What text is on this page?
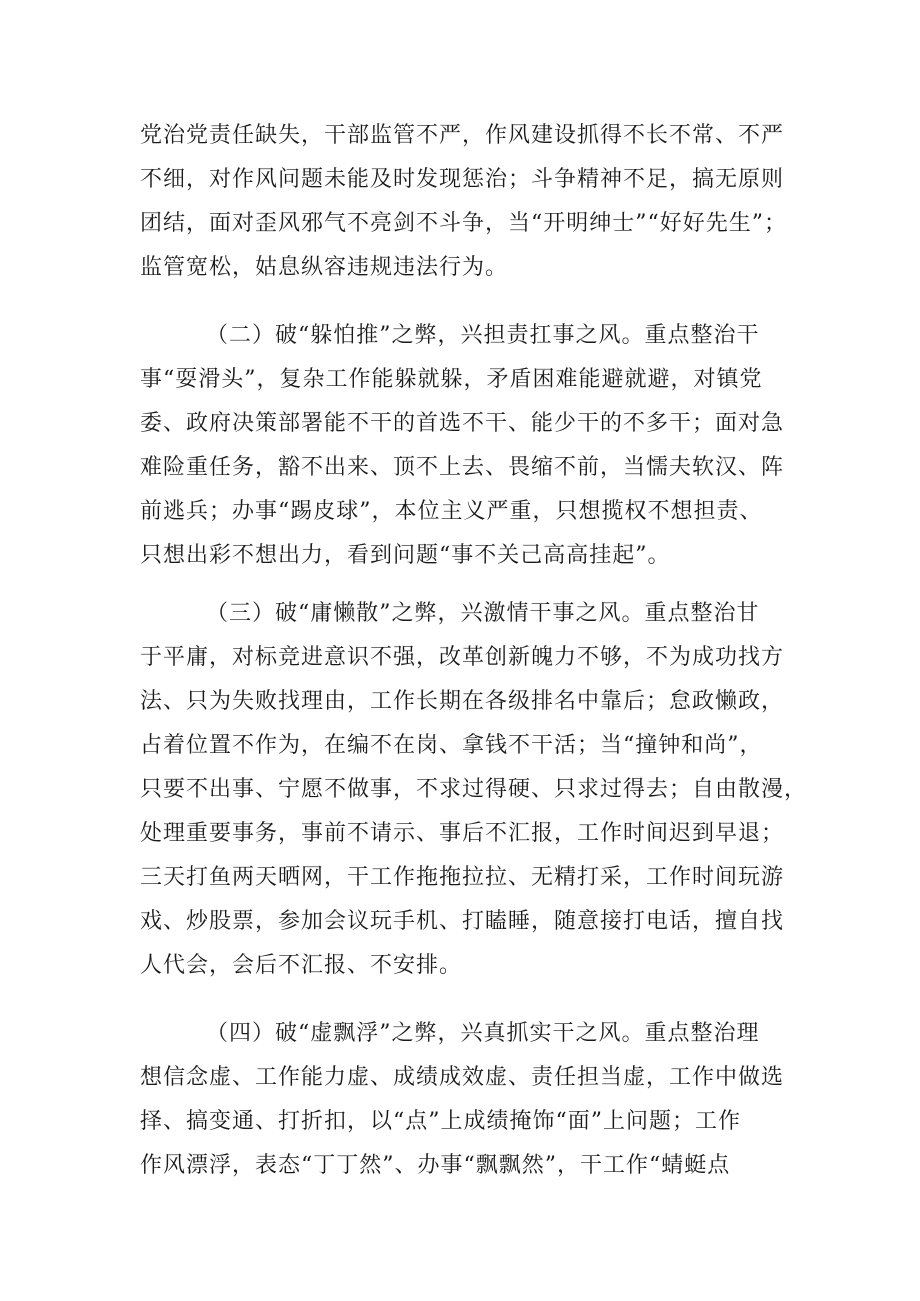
党治党责任缺失，干部监管不严，作风建设抓得不长不常、不严
不细，对作风问题未能及时发现惩治；斗争精神不足，搞无原则
团结，面对歪风邪气不亮剑不斗争，当“开明绅士”“好好先生”；
监管宽松，姑息纵容违规违法行为。
（二）破“躲怕推”之弊，兴担责扛事之风。重点整治干
事“耍滑头”，复杂工作能躲就躲，矛盾困难能避就避，对镇党
委、政府决策部署能不干的首选不干、能少干的不多干；面对急
难险重任务，豁不出来、顶不上去、畏缩不前，当懦夫软汉、阵
前逃兵；办事“踢皮球”，本位主义严重，只想揽权不想担责、
只想出彩不想出力，看到问题“事不关己高高挂起”。
（三）破“庸懒散”之弊，兴激情干事之风。重点整治甘
于平庸，对标竞进意识不强，改革创新魄力不够，不为成功找方
法、只为失败找理由，工作长期在各级排名中靠后；怠政懒政，
占着位置不作为，在编不在岗、拿钱不干活；当“撞钟和尚”，
只要不出事、宁愿不做事，不求过得硬、只求过得去；自由散漫，
处理重要事务，事前不请示、事后不汇报，工作时间迟到早退；
三天打鱼两天晒网，干工作拖拖拉拉、无精打采，工作时间玩游
戏、炒股票，参加会议玩手机、打瞌睡，随意接打电话，擅自找
人代会，会后不汇报、不安排。
（四）破“虚飘浮”之弊，兴真抓实干之风。重点整治理
想信念虚、工作能力虚、成绩成效虚、责任担当虚，工作中做选
择、搞变通、打折扣，以“点”上成绩掩饰“面”上问题；工作
作风漂浮，表态“丁丁然”、办事“飘飘然”，干工作“蜻蜓点
